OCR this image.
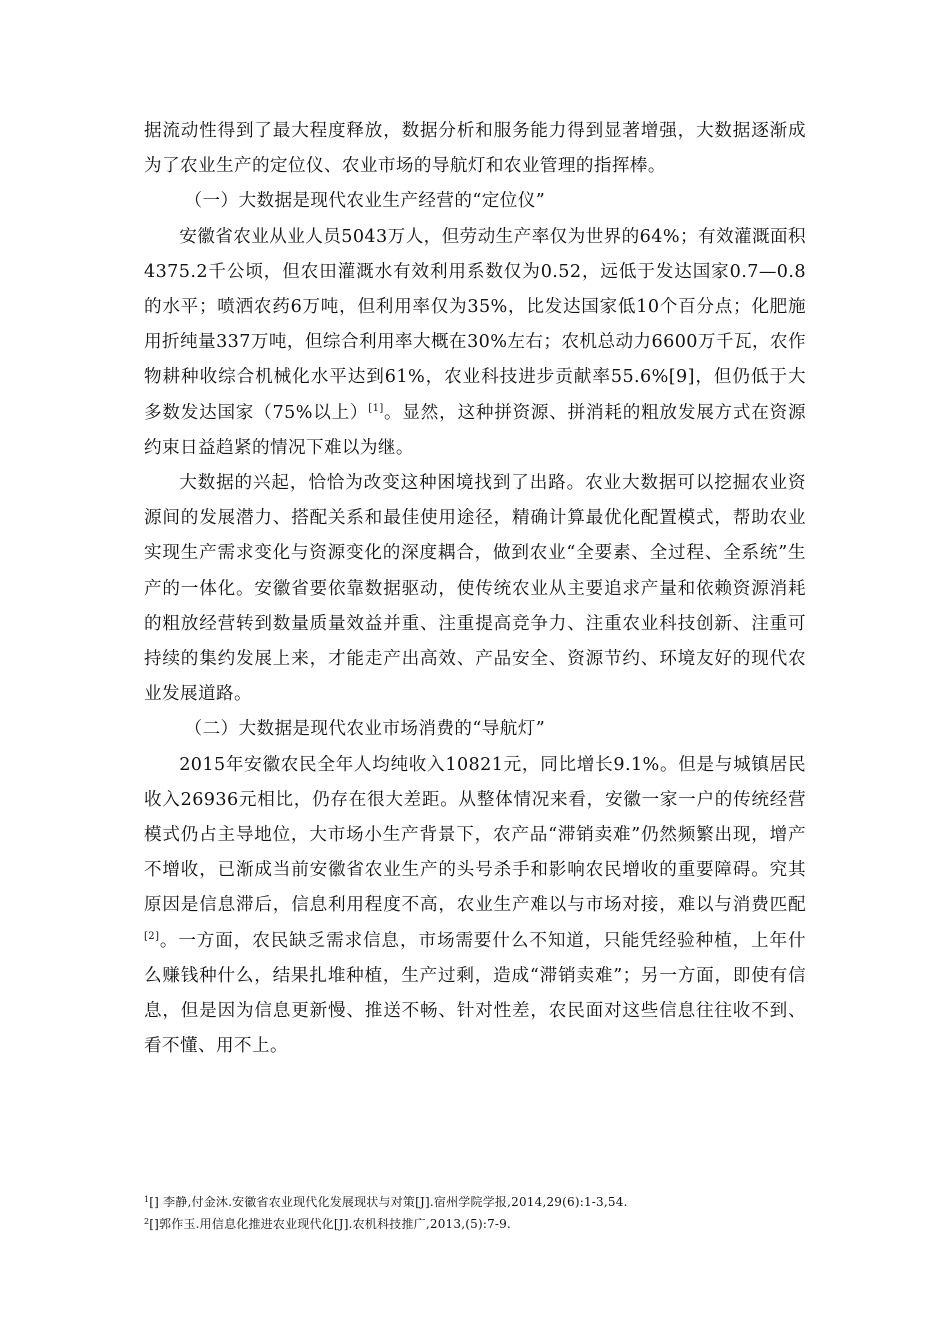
据流动性得到了最大程度释放，数据分析和服务能力得到显著增强，大数据逐渐成为了农业生产的定位仪、农业市场的导航灯和农业管理的指挥棒。

（一）大数据是现代农业生产经营的“定位仪”

安徽省农业从业人员5043万人，但劳动生产率仅为世界的64%；有效灌溉面积4375.2千公顷，但农田灌溉水有效利用系数仅为0.52，远低于发达国家0.7—0.8的水平；喷洒农药6万吨，但利用率仅为35%，比发达国家低10个百分点；化肥施用折纯量337万吨，但综合利用率大概在30%左右；农机总动力6600万千瓦，农作物耕种收综合机械化水平达到61%，农业科技进步贡献率55.6%[9]，但仍低于大多数发达国家（75%以上）[1]。显然，这种拼资源、拼消耗的粗放发展方式在资源约束日益趋紧的情况下难以为继。

大数据的兴起，恰恰为改变这种困境找到了出路。农业大数据可以挖掘农业资源间的发展潜力、搭配关系和最佳使用途径，精确计算最优化配置模式，帮助农业实现生产需求变化与资源变化的深度耦合，做到农业“全要素、全过程、全系统”生产的一体化。安徽省要依靠数据驱动，使传统农业从主要追求产量和依赖资源消耗的粗放经营转到数量质量效益并重、注重提高竞争力、注重农业科技创新、注重可持续的集约发展上来，才能走产出高效、产品安全、资源节约、环境友好的现代农业发展道路。

（二）大数据是现代农业市场消费的“导航灯”

2015年安徽农民全年人均纯收入10821元，同比增长9.1%。但是与城镇居民收入26936元相比，仍存在很大差距。从整体情况来看，安徽一家一户的传统经营模式仍占主导地位，大市场小生产背景下，农产品“滞销卖难”仍然频繁出现，增产不增收，已渐成当前安徽省农业生产的头号杀手和影响农民增收的重要障碍。究其原因是信息滞后，信息利用程度不高，农业生产难以与市场对接，难以与消费匹配[2]。一方面，农民缺乏需求信息，市场需要什么不知道，只能凭经验种植，上年什么赚钱种什么，结果扎堆种植，生产过剩，造成“滞销卖难”；另一方面，即使有信息，但是因为信息更新慢、推送不畅、针对性差，农民面对这些信息往往收不到、看不懂、用不上。

$^1$[] 李静,付金沐.安徽省农业现代化发展现状与对策[J].宿州学院学报,2014,29(6):1-3,54.

$^2$[]郭作玉.用信息化推进农业现代化[J].农机科技推广,2013,(5):7-9.
